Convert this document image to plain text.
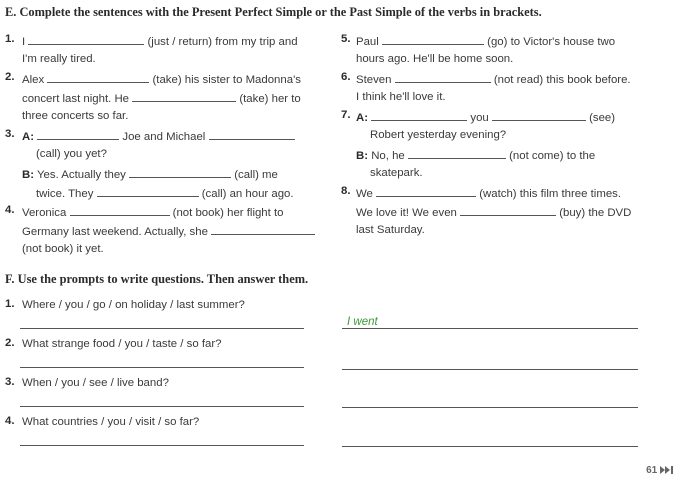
E. Complete the sentences with the Present Perfect Simple or the Past Simple of the verbs in brackets.
1. I	(just / return) from my trip and
I'm really tired.
2. Alex	(take) his sister to Madonna's
concert last night. He	(take) her to
three concerts so far.
3. A:	Joe and Michael
(call) you yet?
B: Yes. Actually they	(call) me
twice. They	(call) an hour ago.
4. Veronica	(not book) her flight to
Germany last weekend. Actually, she
(not book) it yet.
5. Paul	(go) to Victor's house two
hours ago. He'll be home soon.
6. Steven	(not read) this book before.
I think he'll love it.
7. A:	you	(see)
Robert yesterday evening?
B: No, he	(not come) to the
skatepark.
8. We	(watch) this film three times.
We love it! We even	(buy) the DVD
last Saturday.
F. Use the prompts to write questions. Then answer them.
1. Where / you / go / on holiday / last summer?
I went
2. What strange food / you / taste / so far?
3. When / you / see / live band?
4. What countries / you / visit / so far?
61
